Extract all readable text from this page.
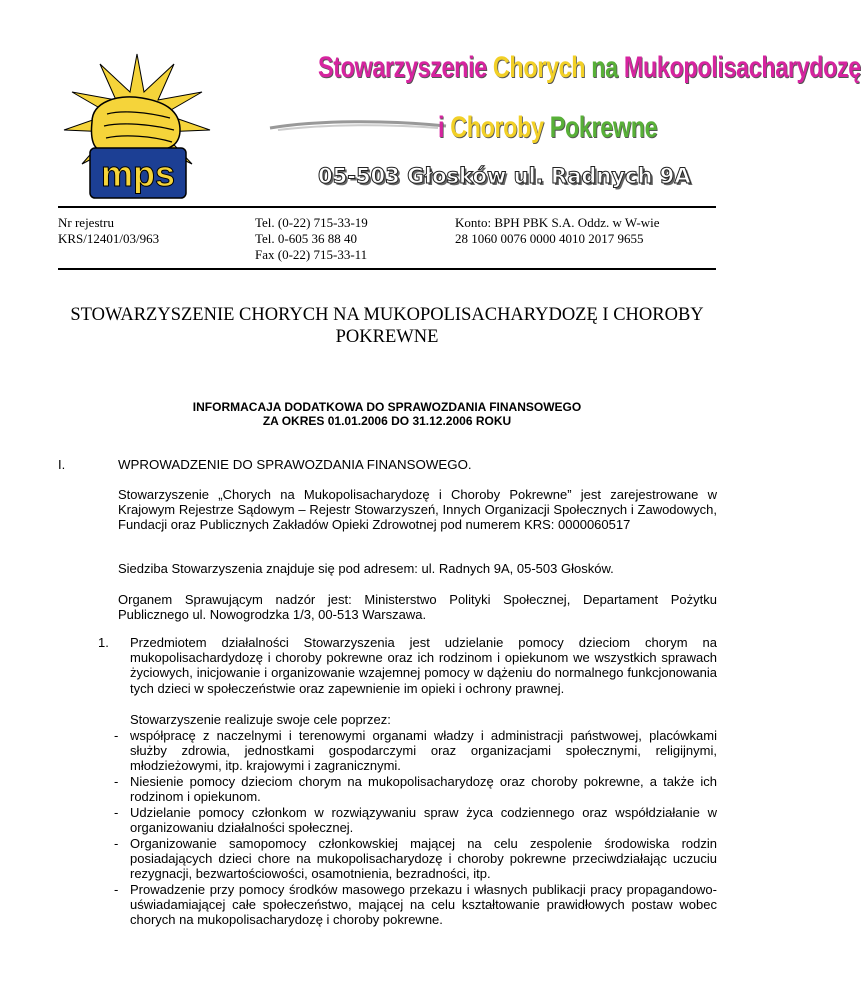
mps
Stowarzyszenie Chorych na Mukopolisacharydozę
i Choroby Pokrewne
05-503 Głosków ul. Radnych 9A
Nr rejestru
KRS/12401/03/963
Tel. (0-22) 715-33-19
Tel. 0-605 36 88 40
Fax (0-22) 715-33-11
Konto: BPH PBK S.A. Oddz. w W-wie
28 1060 0076 0000 4010 2017 9655
STOWARZYSZENIE CHORYCH NA MUKOPOLISACHARYDOZĘ I CHOROBY
POKREWNE
INFORMACAJA DODATKOWA DO SPRAWOZDANIA FINANSOWEGO
ZA OKRES 01.01.2006 DO 31.12.2006 ROKU
I.	WPROWADZENIE DO SPRAWOZDANIA FINANSOWEGO.
Stowarzyszenie „Chorych na Mukopolisacharydozę i Choroby Pokrewne” jest zarejestrowane w Krajowym Rejestrze Sądowym – Rejestr Stowarzyszeń, Innych Organizacji Społecznych i Zawodowych, Fundacji oraz Publicznych Zakładów Opieki Zdrowotnej pod numerem KRS: 0000060517
Siedziba Stowarzyszenia znajduje się pod adresem: ul. Radnych 9A, 05-503 Głosków.
Organem Sprawującym nadzór jest: Ministerstwo Polityki Społecznej, Departament Pożytku Publicznego ul. Nowogrodzka 1/3, 00-513 Warszawa.
1. Przedmiotem działalności Stowarzyszenia jest udzielanie pomocy dzieciom chorym na mukopolisachardydozę i choroby pokrewne oraz ich rodzinom i opiekunom we wszystkich sprawach życiowych, inicjowanie i organizowanie wzajemnej pomocy w dążeniu do normalnego funkcjonowania tych dzieci w społeczeństwie oraz zapewnienie im opieki i ochrony prawnej.
Stowarzyszenie realizuje swoje cele poprzez:
- współpracę z naczelnymi i terenowymi organami władzy i administracji państwowej, placówkami służby zdrowia, jednostkami gospodarczymi oraz organizacjami społecznymi, religijnymi, młodzieżowymi, itp. krajowymi i zagranicznymi.
- Niesienie pomocy dzieciom chorym na mukopolisacharydozę oraz choroby pokrewne, a także ich rodzinom i opiekunom.
- Udzielanie pomocy członkom w rozwiązywaniu spraw życa codziennego oraz współdziałanie w organizowaniu działalności społecznej.
- Organizowanie samopomocy członkowskiej mającej na celu zespolenie środowiska rodzin posiadających dzieci chore na mukopolisacharydozę i choroby pokrewne przeciwdziałając uczuciu rezygnacji, bezwartościowości, osamotnienia, bezradności, itp.
- Prowadzenie przy pomocy środków masowego przekazu i własnych publikacji pracy propagandowo-uświadamiającej całe społeczeństwo, mającej na celu kształtowanie prawidłowych postaw wobec chorych na mukopolisacharydozę i choroby pokrewne.
